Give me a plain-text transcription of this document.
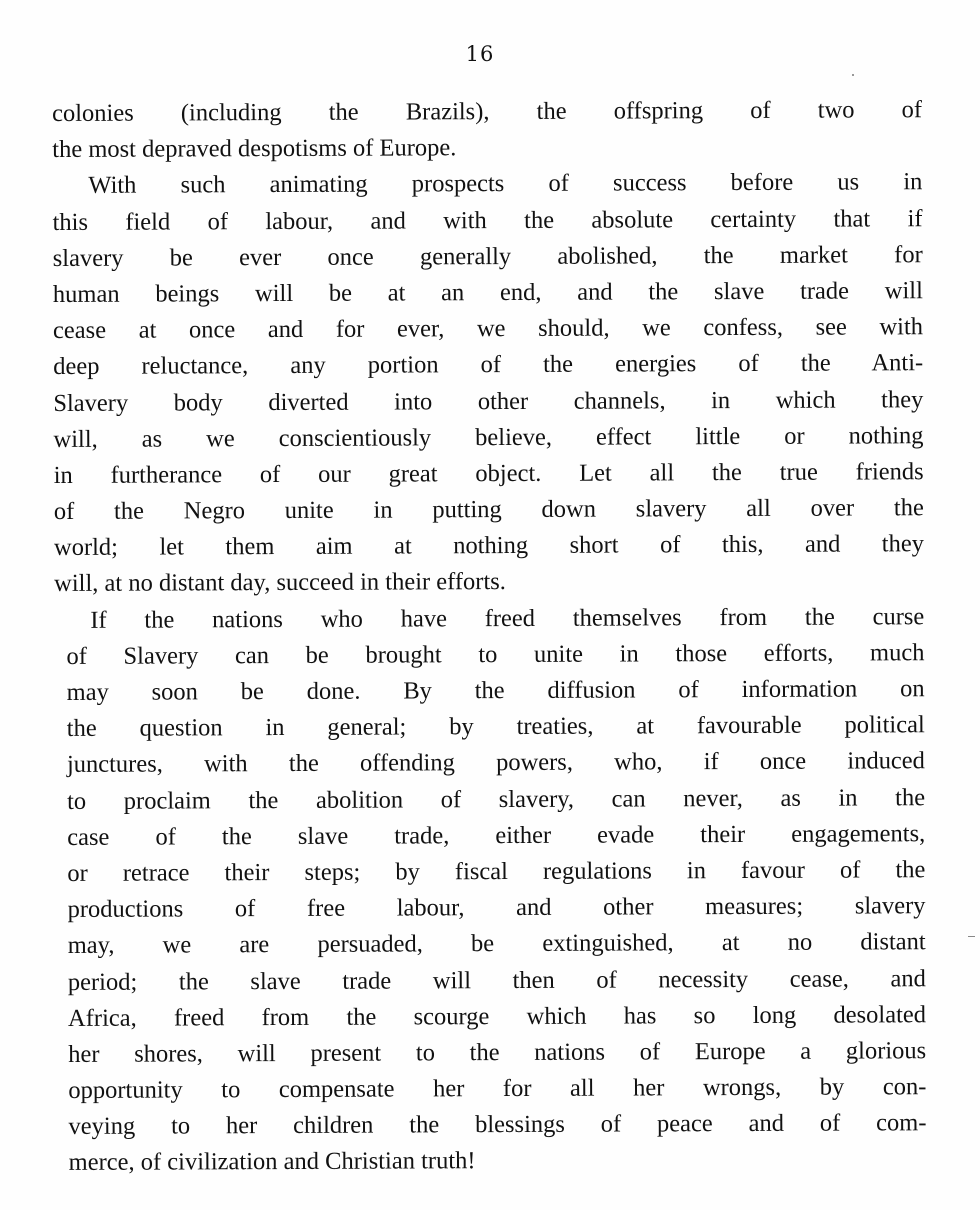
16
colonies (including the Brazils), the offspring of two of
the most depraved despotisms of Europe.
With such animating prospects of success before us in
this field of labour, and with the absolute certainty that if
slavery be ever once generally abolished, the market for
human beings will be at an end, and the slave trade will
cease at once and for ever, we should, we confess, see with
deep reluctance, any portion of the energies of the Anti-
Slavery body diverted into other channels, in which they
will, as we conscientiously believe, effect little or nothing
in furtherance of our great object. Let all the true friends
of the Negro unite in putting down slavery all over the
world; let them aim at nothing short of this, and they
will, at no distant day, succeed in their efforts.
If the nations who have freed themselves from the curse
of Slavery can be brought to unite in those efforts, much
may soon be done. By the diffusion of information on
the question in general; by treaties, at favourable political
junctures, with the offending powers, who, if once induced
to proclaim the abolition of slavery, can never, as in the
case of the slave trade, either evade their engagements,
or retrace their steps; by fiscal regulations in favour of the
productions of free labour, and other measures; slavery
may, we are persuaded, be extinguished, at no distant
period; the slave trade will then of necessity cease, and
Africa, freed from the scourge which has so long desolated
her shores, will present to the nations of Europe a glorious
opportunity to compensate her for all her wrongs, by con-
veying to her children the blessings of peace and of com-
merce, of civilization and Christian truth!
